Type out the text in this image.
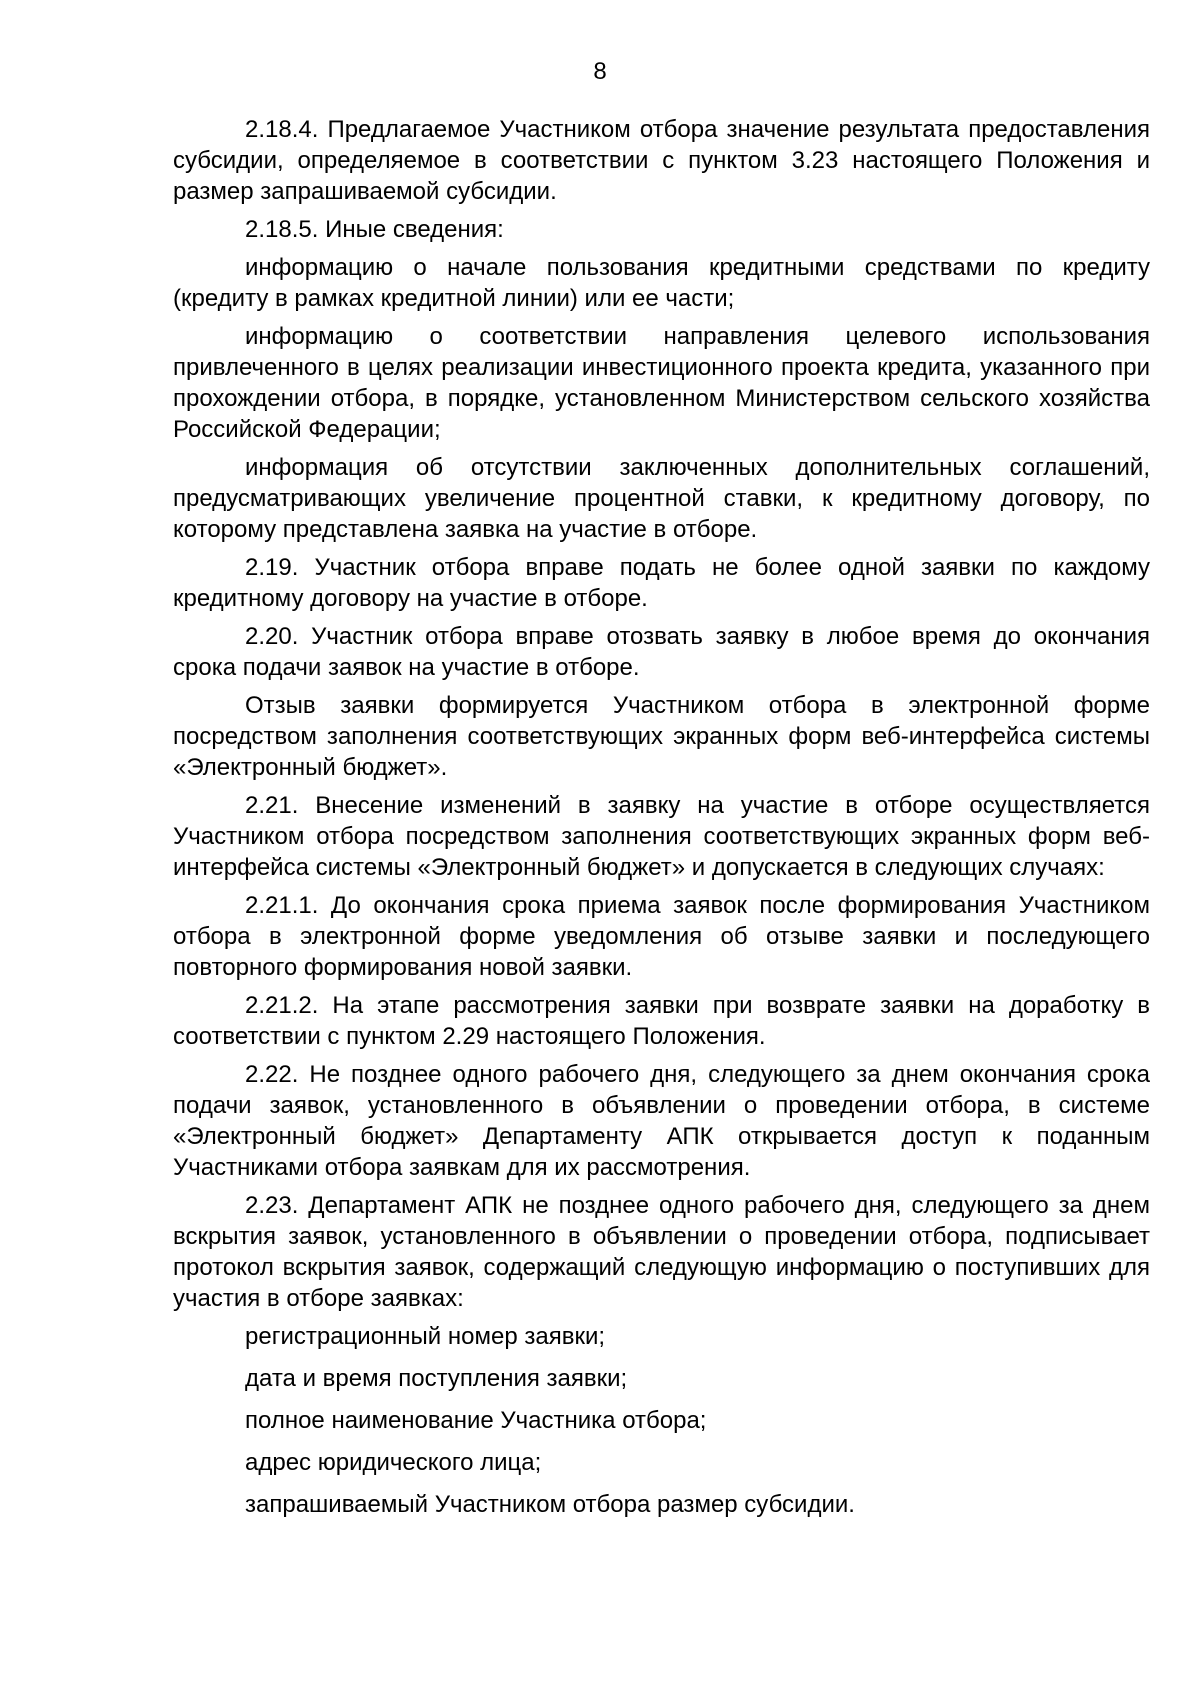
8

2.18.4. Предлагаемое Участником отбора значение результата предоставления субсидии, определяемое в соответствии с пунктом 3.23 настоящего Положения и размер запрашиваемой субсидии.

2.18.5. Иные сведения:

информацию о начале пользования кредитными средствами по кредиту (кредиту в рамках кредитной линии) или ее части;

информацию о соответствии направления целевого использования привлеченного в целях реализации инвестиционного проекта кредита, указанного при прохождении отбора, в порядке, установленном Министерством сельского хозяйства Российской Федерации;

информация об отсутствии заключенных дополнительных соглашений, предусматривающих увеличение процентной ставки, к кредитному договору, по которому представлена заявка на участие в отборе.

2.19. Участник отбора вправе подать не более одной заявки по каждому кредитному договору на участие в отборе.

2.20. Участник отбора вправе отозвать заявку в любое время до окончания срока подачи заявок на участие в отборе.

Отзыв заявки формируется Участником отбора в электронной форме посредством заполнения соответствующих экранных форм веб-интерфейса системы «Электронный бюджет».

2.21. Внесение изменений в заявку на участие в отборе осуществляется Участником отбора посредством заполнения соответствующих экранных форм веб-интерфейса системы «Электронный бюджет» и допускается в следующих случаях:

2.21.1. До окончания срока приема заявок после формирования Участником отбора в электронной форме уведомления об отзыве заявки и последующего повторного формирования новой заявки.

2.21.2. На этапе рассмотрения заявки при возврате заявки на доработку в соответствии с пунктом 2.29 настоящего Положения.

2.22. Не позднее одного рабочего дня, следующего за днем окончания срока подачи заявок, установленного в объявлении о проведении отбора, в системе «Электронный бюджет» Департаменту АПК открывается доступ к поданным Участниками отбора заявкам для их рассмотрения.

2.23. Департамент АПК не позднее одного рабочего дня, следующего за днем вскрытия заявок, установленного в объявлении о проведении отбора, подписывает протокол вскрытия заявок, содержащий следующую информацию о поступивших для участия в отборе заявках:

регистрационный номер заявки;

дата и время поступления заявки;

полное наименование Участника отбора;

адрес юридического лица;

запрашиваемый Участником отбора размер субсидии.
